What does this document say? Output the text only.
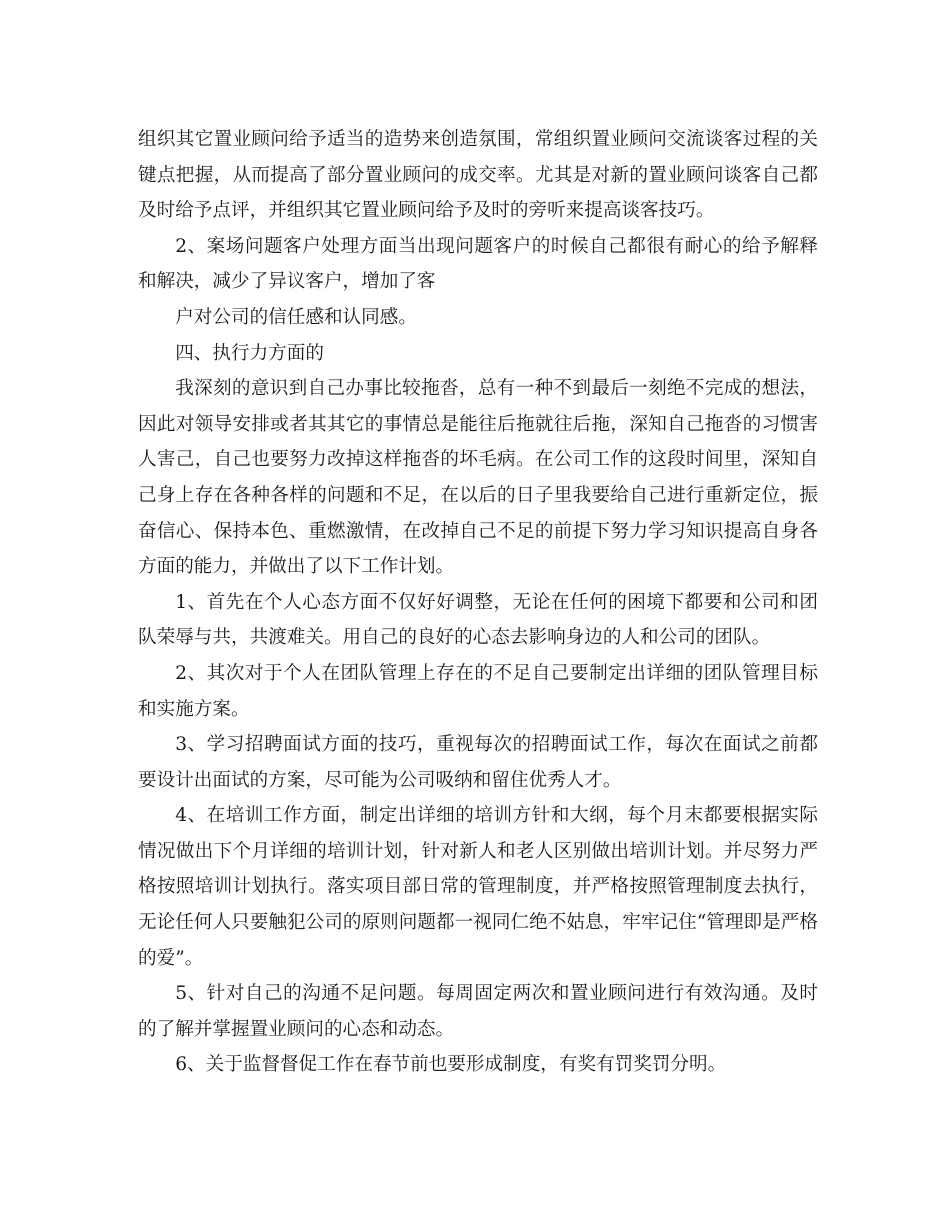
组织其它置业顾问给予适当的造势来创造氛围，常组织置业顾问交流谈客过程的关键点把握，从而提高了部分置业顾问的成交率。尤其是对新的置业顾问谈客自己都及时给予点评，并组织其它置业顾问给予及时的旁听来提高谈客技巧。

2、案场问题客户处理方面当出现问题客户的时候自己都很有耐心的给予解释和解决，减少了异议客户，增加了客

户对公司的信任感和认同感。

四、执行力方面的

我深刻的意识到自己办事比较拖沓，总有一种不到最后一刻绝不完成的想法，因此对领导安排或者其其它的事情总是能往后拖就往后拖，深知自己拖沓的习惯害人害己，自己也要努力改掉这样拖沓的坏毛病。在公司工作的这段时间里，深知自己身上存在各种各样的问题和不足，在以后的日子里我要给自己进行重新定位，振奋信心、保持本色、重燃激情，在改掉自己不足的前提下努力学习知识提高自身各方面的能力，并做出了以下工作计划。

1、首先在个人心态方面不仅好好调整，无论在任何的困境下都要和公司和团队荣辱与共，共渡难关。用自己的良好的心态去影响身边的人和公司的团队。

2、其次对于个人在团队管理上存在的不足自己要制定出详细的团队管理目标和实施方案。

3、学习招聘面试方面的技巧，重视每次的招聘面试工作，每次在面试之前都要设计出面试的方案，尽可能为公司吸纳和留住优秀人才。

4、在培训工作方面，制定出详细的培训方针和大纲，每个月末都要根据实际情况做出下个月详细的培训计划，针对新人和老人区别做出培训计划。并尽努力严格按照培训计划执行。落实项目部日常的管理制度，并严格按照管理制度去执行，无论任何人只要触犯公司的原则问题都一视同仁绝不姑息，牢牢记住“管理即是严格的爱”。

5、针对自己的沟通不足问题。每周固定两次和置业顾问进行有效沟通。及时的了解并掌握置业顾问的心态和动态。

6、关于监督督促工作在春节前也要形成制度，有奖有罚奖罚分明。
